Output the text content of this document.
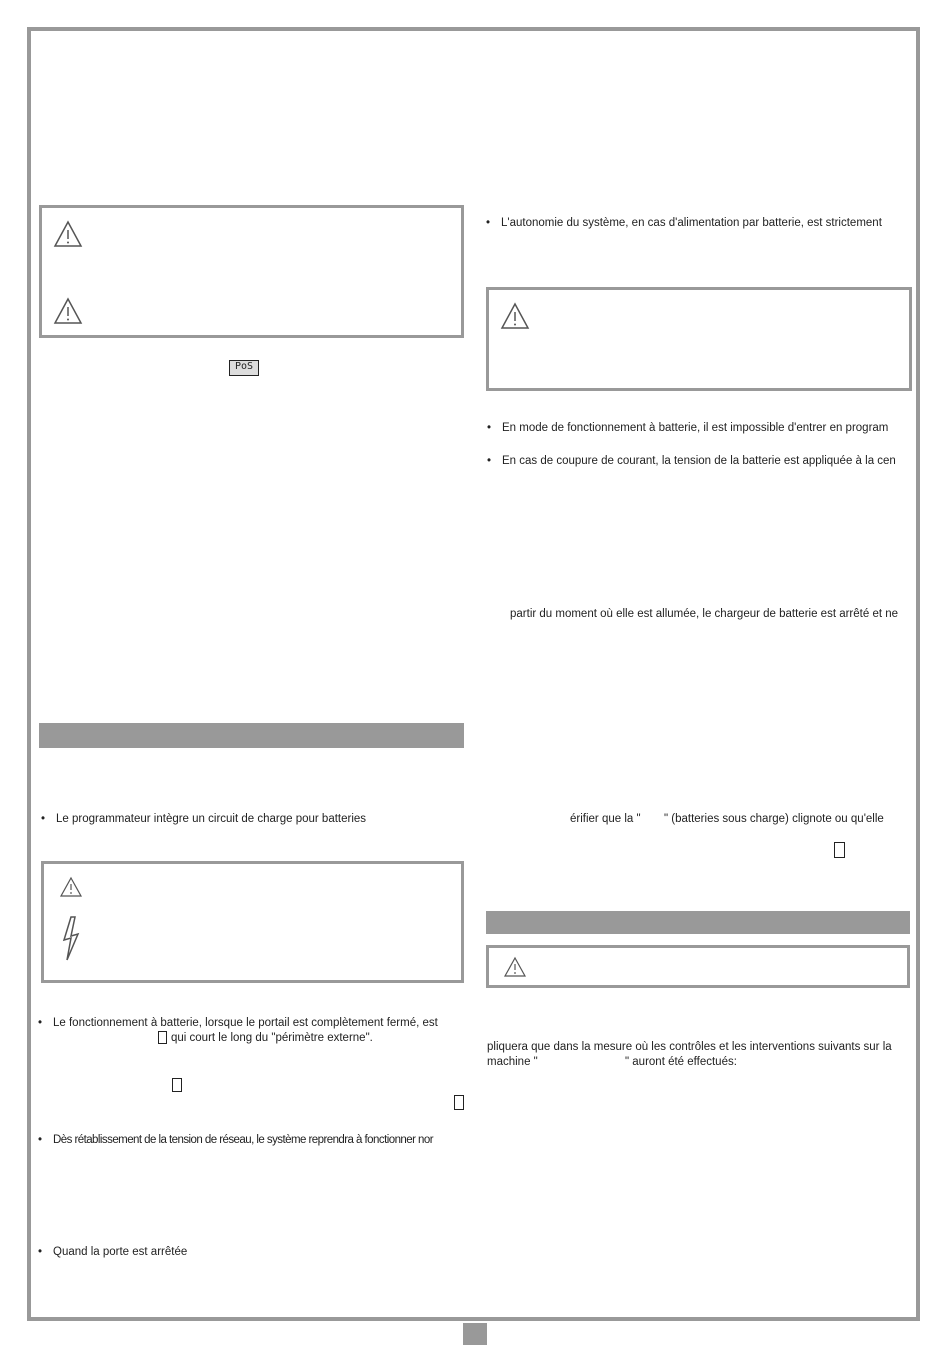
PoS
• Le programmateur intègre un circuit de charge pour batteries
• Le fonctionnement à batterie, lorsque le portail est complètement fermé, est
qui court le long du "périmètre externe".
• Dès rétablissement de la tension de réseau, le système reprendra à fonctionner nor
• Quand la porte est arrêtée
• L'autonomie du système, en cas d'alimentation par batterie, est strictement
• En mode de fonctionnement à batterie, il est impossible d'entrer en program
• En cas de coupure de courant, la tension de la batterie est appliquée à la cen
partir du moment où elle est allumée, le chargeur de batterie est arrêté et ne
érifier que la " " (batteries sous charge) clignote ou qu'elle
pliquera que dans la mesure où les contrôles et les interventions suivants sur la
machine "	" auront été effectués:
